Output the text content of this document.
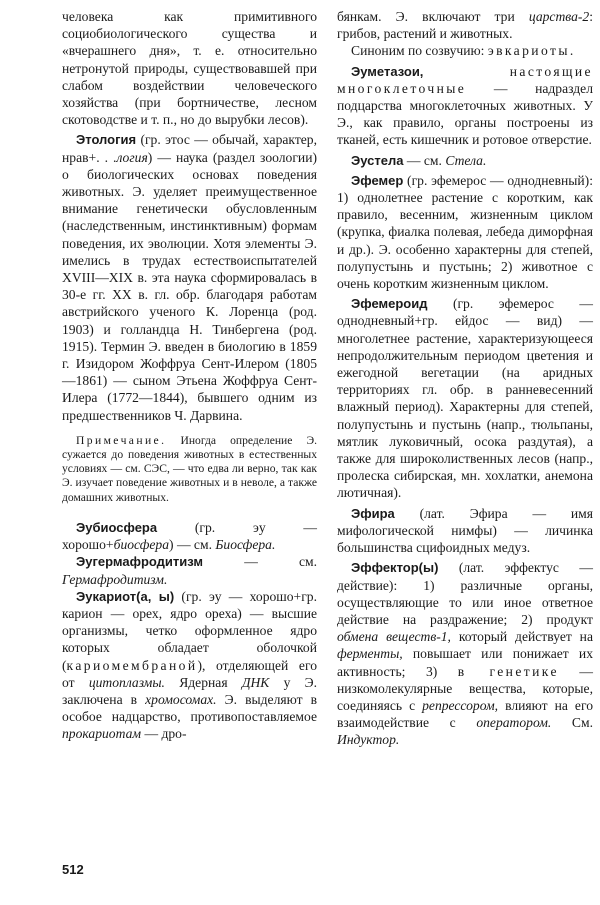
человека как примитивного социобиологического существа и «вчерашнего дня», т. е. относительно нетронутой природы, существовавшей при слабом воздействии человеческого хозяйства (при бортничестве, лесном скотоводстве и т. п., но до вырубки лесов).

Этология (гр. этос — обычай, характер, нрав+. . .логия) — наука (раздел зоологии) о биологических основах поведения животных. Э. уделяет преимущественное внимание генетически обусловленным (наследственным, инстинктивным) формам поведения, их эволюции. Хотя элементы Э. имелись в трудах естествоиспытателей XVIII—XIX в. эта наука сформировалась в 30-е гг. XX в. гл. обр. благодаря работам австрийского ученого К. Лоренца (род. 1903) и голландца Н. Тинбергена (род. 1915). Термин Э. введен в биологию в 1859 г. Изидором Жоффруа Сент-Илером (1805—1861) — сыном Этьена Жоффруа Сент-Илера (1772—1844), бывшего одним из предшественников Ч. Дарвина.

Примечание. Иногда определение Э. сужается до поведения животных в естественных условиях — см. СЭС, — что едва ли верно, так как Э. изучает поведение животных и в неволе, а также домашних животных.

Эубиосфера (гр. эу — хорошо+биосфера) — см. Биосфера.

Эугермафродитизм — см. Гермафродитизм.

Эукариот(а, ы) (гр. эу — хорошо+гр. карион — орех, ядро ореха) — высшие организмы, четко оформленное ядро которых обладает оболочкой (кариомембраной), отделяющей его от цитоплазмы. Ядерная ДНК у Э. заключена в хромосомах. Э. выделяют в особое надцарство, противопоставляемое прокариотам — дро-

бянкам. Э. включают три царства-2: грибов, растений и животных.

Синоним по созвучию: эвкариоты.

Эуметазои, настоящие многоклеточные — надраздел подцарства многоклеточных животных. У Э., как правило, органы построены из тканей, есть кишечник и ротовое отверстие.

Эустела — см. Стела.

Эфемер (гр. эфемерос — однодневный): 1) однолетнее растение с коротким, как правило, весенним, жизненным циклом (крупка, фиалка полевая, лебеда диморфная и др.). Э. особенно характерны для степей, полупустынь и пустынь; 2) животное с очень коротким жизненным циклом.

Эфемероид (гр. эфемерос — однодневный+гр. ейдос — вид) — многолетнее растение, характеризующееся непродолжительным периодом цветения и ежегодной вегетации (на аридных территориях гл. обр. в ранневесенний влажный период). Характерны для степей, полупустынь и пустынь (напр., тюльпаны, мятлик луковичный, осока раздутая), а также для широколиственных лесов (напр., пролеска сибирская, мн. хохлатки, анемона лютичная).

Эфира (лат. Эфира — имя мифологической нимфы) — личинка большинства сцифоидных медуз.

Эффектор(ы) (лат. эффектус — действие): 1) различные органы, осуществляющие то или иное ответное действие на раздражение; 2) продукт обмена веществ-1, который действует на ферменты, повышает или понижает их активность; 3) в генетике — низкомолекулярные вещества, которые, соединяясь с репрессором, влияют на его взаимодействие с оператором. См. Индуктор.

512
